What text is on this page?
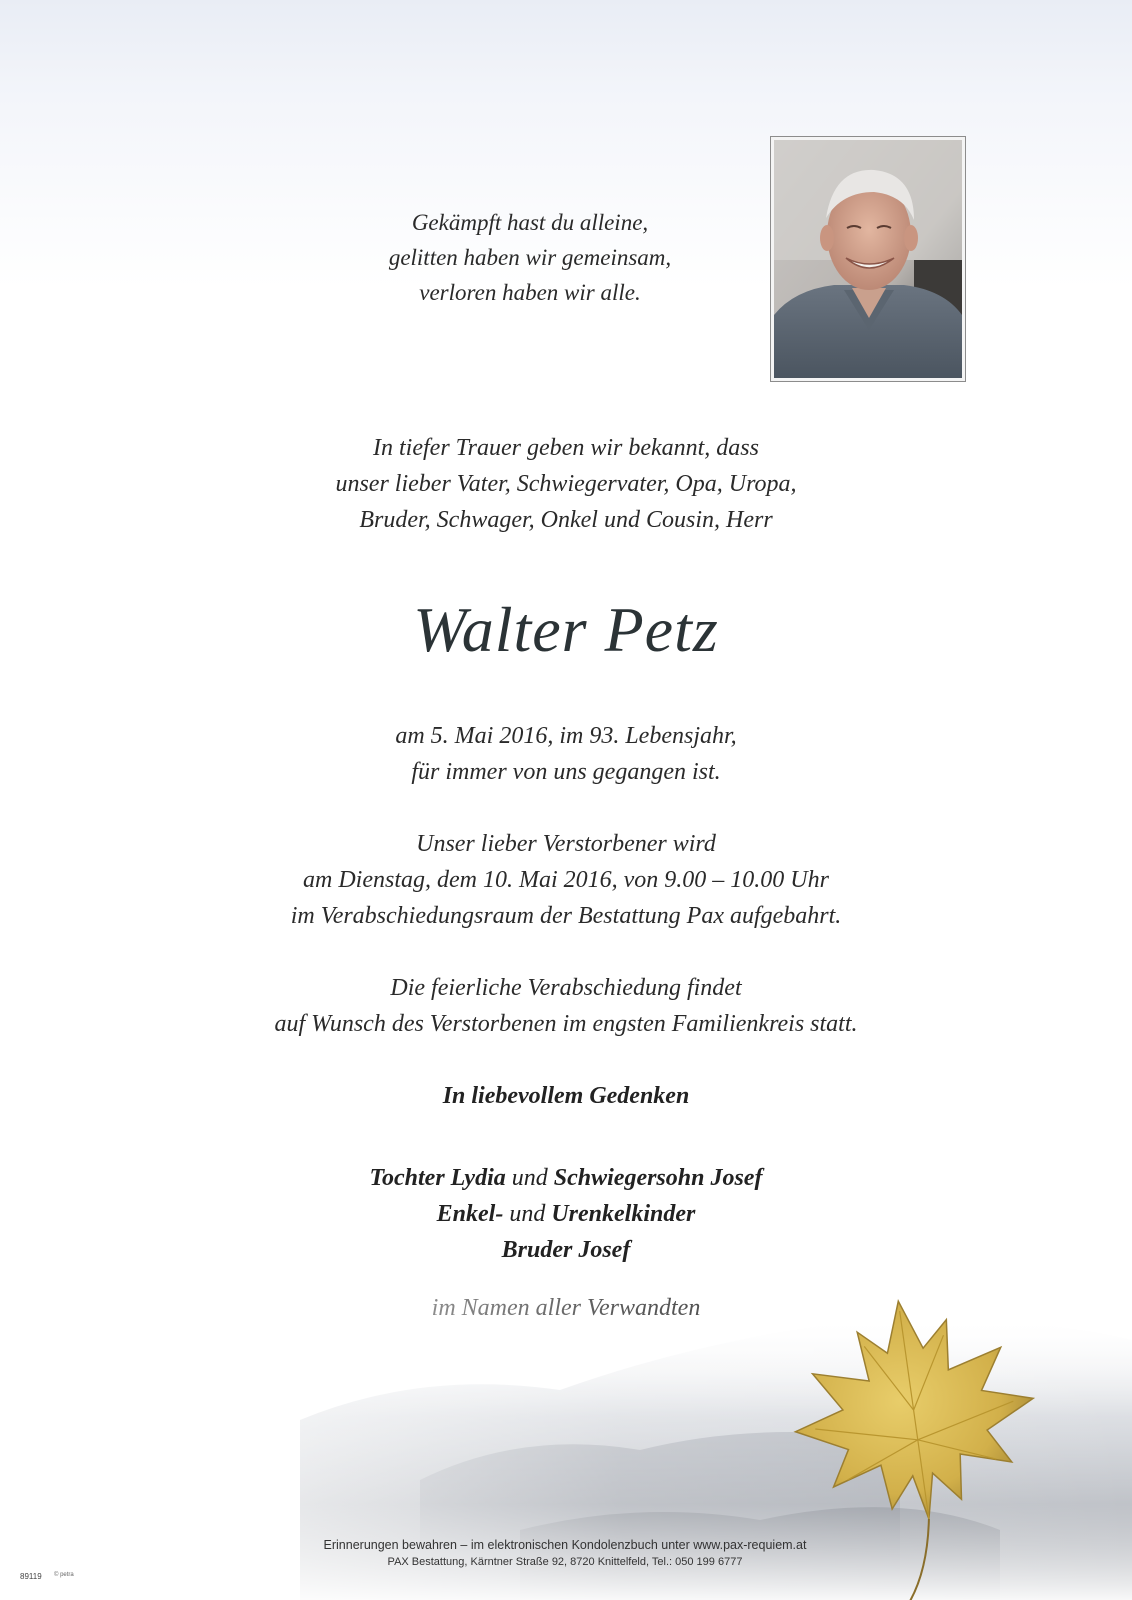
Gekämpft hast du alleine,
gelitten haben wir gemeinsam,
verloren haben wir alle.
In tiefer Trauer geben wir bekannt, dass
unser lieber Vater, Schwiegervater, Opa, Uropa,
Bruder, Schwager, Onkel und Cousin, Herr
Walter Petz
am 5. Mai 2016, im 93. Lebensjahr,
für immer von uns gegangen ist.
Unser lieber Verstorbener wird
am Dienstag, dem 10. Mai 2016, von 9.00 – 10.00 Uhr
im Verabschiedungsraum der Bestattung Pax aufgebahrt.
Die feierliche Verabschiedung findet
auf Wunsch des Verstorbenen im engsten Familienkreis statt.
In liebevollem Gedenken
Tochter Lydia und Schwiegersohn Josef
Enkel- und Urenkelkinder
Bruder Josef
Erinnerungen bewahren – im elektronischen Kondolenzbuch unter www.pax-requiem.at
PAX Bestattung, Kärntner Straße 92, 8720 Knittelfeld, Tel.: 050 199 6777
89119 © petra
